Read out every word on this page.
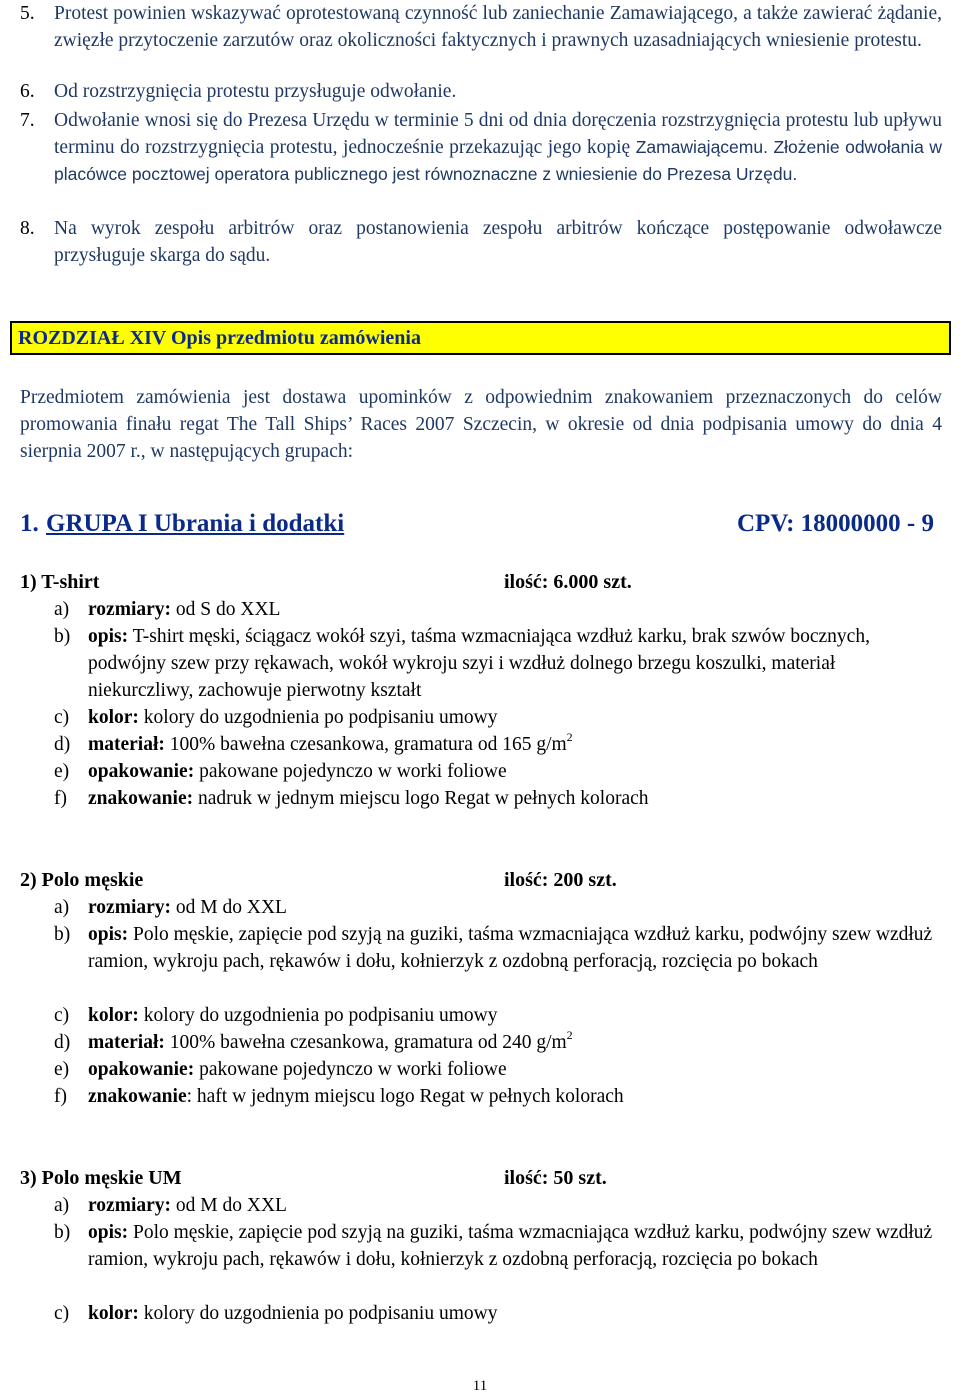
5. Protest powinien wskazywać oprotestowaną czynność lub zaniechanie Zamawiającego, a także zawierać żądanie, zwięzłe przytoczenie zarzutów oraz okoliczności faktycznych i prawnych uzasadniających wniesienie protestu.
6. Od rozstrzygnięcia protestu przysługuje odwołanie.
7. Odwołanie wnosi się do Prezesa Urzędu w terminie 5 dni od dnia doręczenia rozstrzygnięcia protestu lub upływu terminu do rozstrzygnięcia protestu, jednocześnie przekazując jego kopię Zamawiającemu. Złożenie odwołania w placówce pocztowej operatora publicznego jest równoznaczne z wniesienie do Prezesa Urzędu.
8. Na wyrok zespołu arbitrów oraz postanowienia zespołu arbitrów kończące postępowanie odwoławcze przysługuje skarga do sądu.
ROZDZIAŁ XIV Opis przedmiotu zamówienia
Przedmiotem zamówienia jest dostawa upominków z odpowiednim znakowaniem przeznaczonych do celów promowania finału regat The Tall Ships’ Races 2007 Szczecin, w okresie od dnia podpisania umowy do dnia 4 sierpnia 2007 r., w następujących grupach:
1. GRUPA I Ubrania i dodatki	CPV: 18000000 - 9
1) T-shirt	ilość: 6.000 szt.
a) rozmiary: od S do XXL
b) opis: T-shirt męski, ściągacz wokół szyi, taśma wzmacniająca wzdłuż karku, brak szwów bocznych, podwójny szew przy rękawach, wokół wykroju szyi i wzdłuż dolnego brzegu koszulki, materiał niekurczliwy, zachowuje pierwotny kształt
c) kolor: kolory do uzgodnienia po podpisaniu umowy
d) materiał: 100% bawełna czesankowa, gramatura od 165 $g/m^2$
e) opakowanie: pakowane pojedynczo w worki foliowe
f) znakowanie: nadruk w jednym miejscu logo Regat w pełnych kolorach
2) Polo męskie	ilość: 200 szt.
a) rozmiary: od M do XXL
b) opis: Polo męskie, zapięcie pod szyją na guziki, taśma wzmacniająca wzdłuż karku, podwójny szew wzdłuż ramion, wykroju pach, rękawów i dołu, kołnierzyk z ozdobną perforacją, rozcięcia po bokach
c) kolor: kolory do uzgodnienia po podpisaniu umowy
d) materiał: 100% bawełna czesankowa, gramatura od 240 $g/m^2$
e) opakowanie: pakowane pojedynczo w worki foliowe
f) znakowanie: haft w jednym miejscu logo Regat w pełnych kolorach
3) Polo męskie UM	ilość: 50 szt.
a) rozmiary: od M do XXL
b) opis: Polo męskie, zapięcie pod szyją na guziki, taśma wzmacniająca wzdłuż karku, podwójny szew wzdłuż ramion, wykroju pach, rękawów i dołu, kołnierzyk z ozdobną perforacją, rozcięcia po bokach
c) kolor: kolory do uzgodnienia po podpisaniu umowy
11
